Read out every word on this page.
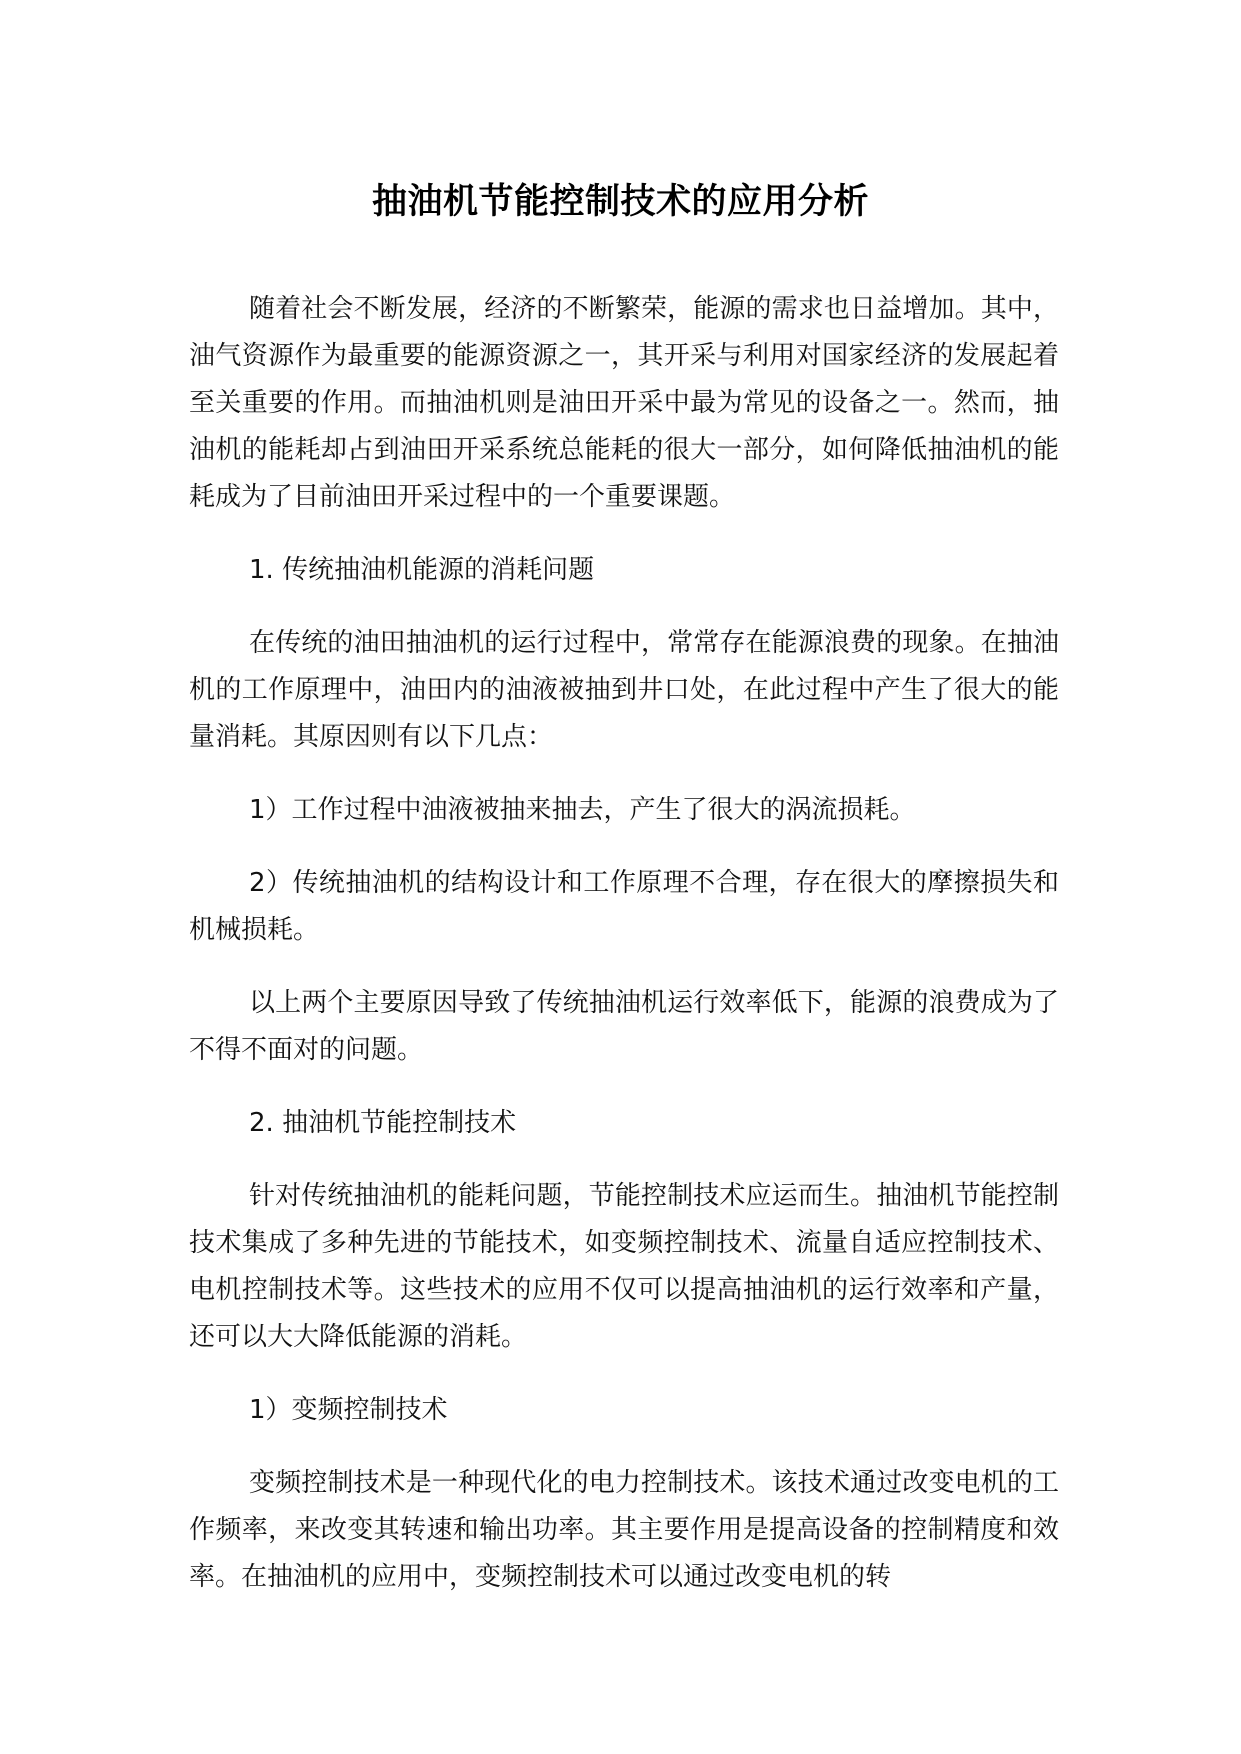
抽油机节能控制技术的应用分析

随着社会不断发展，经济的不断繁荣，能源的需求也日益增加。其中，油气资源作为最重要的能源资源之一，其开采与利用对国家经济的发展起着至关重要的作用。而抽油机则是油田开采中最为常见的设备之一。然而，抽油机的能耗却占到油田开采系统总能耗的很大一部分，如何降低抽油机的能耗成为了目前油田开采过程中的一个重要课题。

1. 传统抽油机能源的消耗问题

在传统的油田抽油机的运行过程中，常常存在能源浪费的现象。在抽油机的工作原理中，油田内的油液被抽到井口处，在此过程中产生了很大的能量消耗。其原因则有以下几点：

1）工作过程中油液被抽来抽去，产生了很大的涡流损耗。

2）传统抽油机的结构设计和工作原理不合理，存在很大的摩擦损失和机械损耗。

以上两个主要原因导致了传统抽油机运行效率低下，能源的浪费成为了不得不面对的问题。

2. 抽油机节能控制技术

针对传统抽油机的能耗问题，节能控制技术应运而生。抽油机节能控制技术集成了多种先进的节能技术，如变频控制技术、流量自适应控制技术、电机控制技术等。这些技术的应用不仅可以提高抽油机的运行效率和产量，还可以大大降低能源的消耗。

1）变频控制技术

变频控制技术是一种现代化的电力控制技术。该技术通过改变电机的工作频率，来改变其转速和输出功率。其主要作用是提高设备的控制精度和效率。在抽油机的应用中，变频控制技术可以通过改变电机的转
